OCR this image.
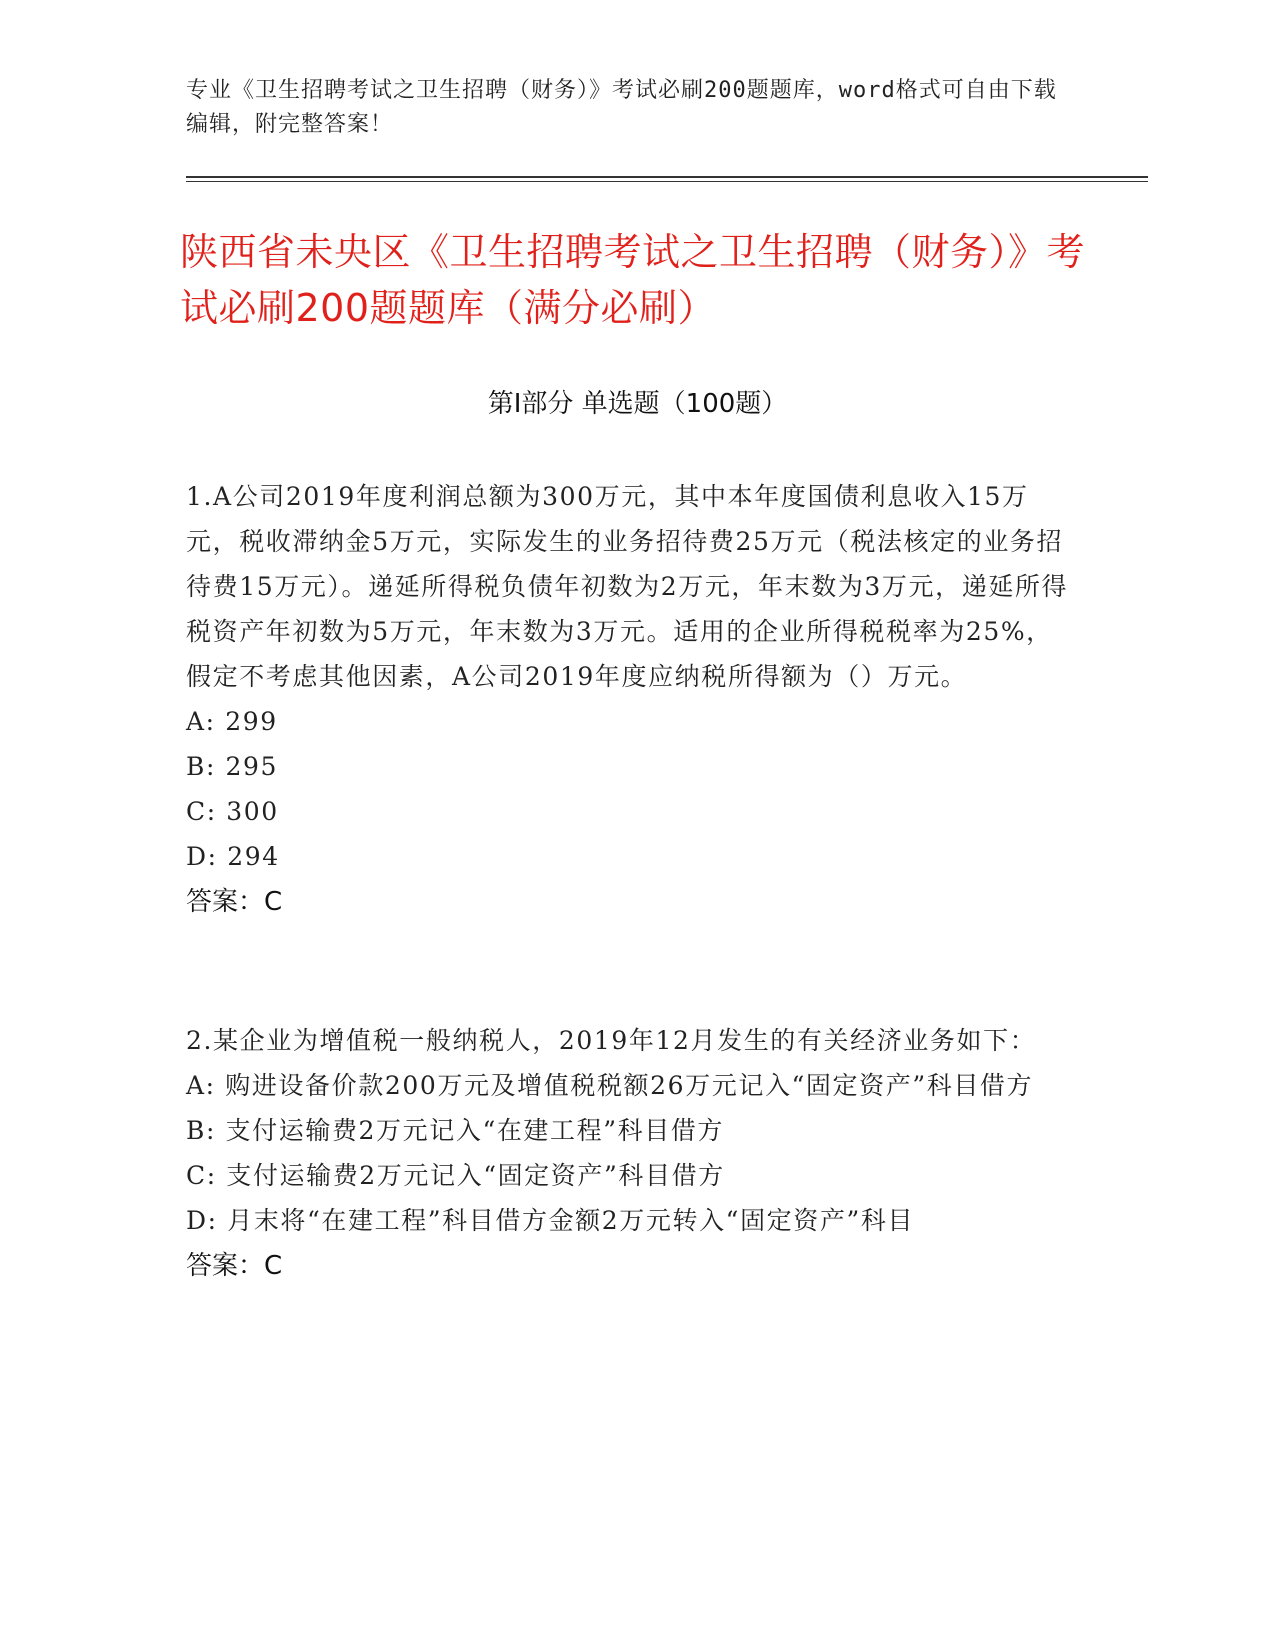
专业《卫生招聘考试之卫生招聘（财务）》考试必刷200题题库，word格式可自由下载编辑，附完整答案！
陕西省未央区《卫生招聘考试之卫生招聘（财务）》考试必刷200题题库（满分必刷）
第Ⅰ部分 单选题（100题）

1.A公司2019年度利润总额为300万元，其中本年度国债利息收入15万元，税收滞纳金5万元，实际发生的业务招待费25万元（税法核定的业务招待费15万元）。递延所得税负债年初数为2万元，年末数为3万元，递延所得税资产年初数为5万元，年末数为3万元。适用的企业所得税税率为25%，假定不考虑其他因素，A公司2019年度应纳税所得额为（）万元。

A: 299

B: 295

C: 300

D: 294

答案：C

2.某企业为增值税一般纳税人，2019年12月发生的有关经济业务如下：

A: 购进设备价款200万元及增值税税额26万元记入“固定资产”科目借方

B: 支付运输费2万元记入“在建工程”科目借方

C: 支付运输费2万元记入“固定资产”科目借方

D: 月末将“在建工程”科目借方金额2万元转入“固定资产”科目

答案：C
